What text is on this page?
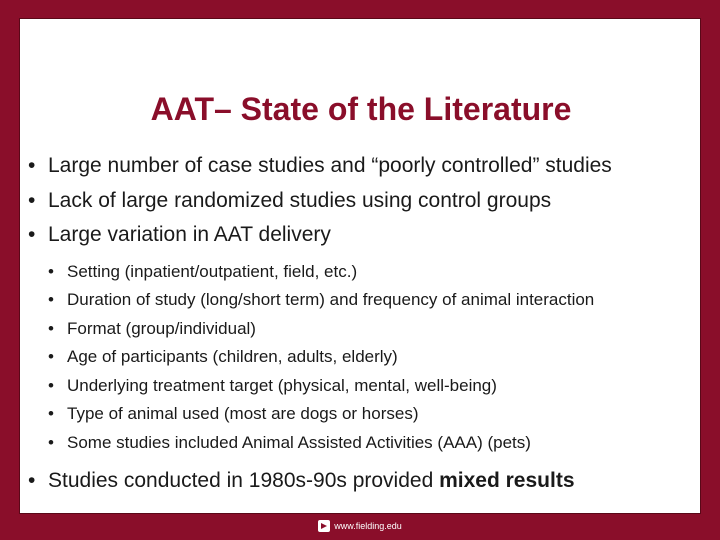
AAT– State of the Literature
• Large number of case studies and “poorly controlled” studies
• Lack of large randomized studies using control groups
• Large variation in AAT delivery
• Setting (inpatient/outpatient, field, etc.)
• Duration of study (long/short term) and frequency of animal interaction
• Format (group/individual)
• Age of participants (children, adults, elderly)
• Underlying treatment target (physical, mental, well-being)
• Type of animal used (most are dogs or horses)
• Some studies included Animal Assisted Activities (AAA) (pets)
• Studies conducted in 1980s-90s provided mixed results
www.fielding.edu
